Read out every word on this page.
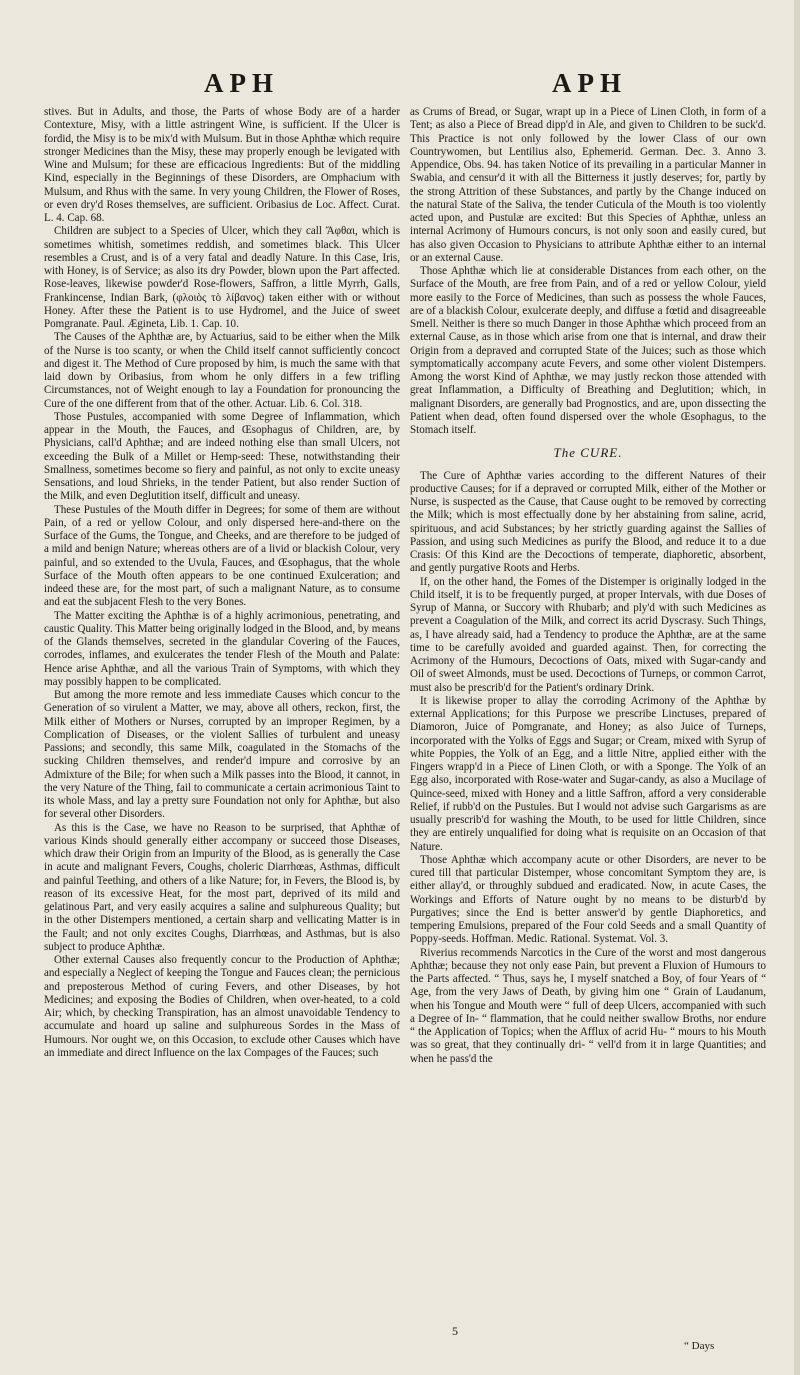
APH	APH

stives. But in Adults, and those, the Parts of whose Body are of a harder Contexture, Misy, with a little astringent Wine, is sufficient. If the Ulcer is fordid, the Misy is to be mix'd with Mulsum. But in those Aphthæ which require stronger Medicines than the Misy, these may properly enough be levigated with Wine and Mulsum; for these are efficacious Ingredients: But of the middling Kind, especially in the Beginnings of these Disorders, are Omphacium with Mulsum, and Rhus with the same. In very young Children, the Flower of Roses, or even dry'd Roses themselves, are sufficient. Oribasius de Loc. Affect. Curat. L. 4. Cap. 68.

Children are subject to a Species of Ulcer, which they call Ἄφθαι, which is sometimes whitish, sometimes reddish, and sometimes black. This Ulcer resembles a Crust, and is of a very fatal and deadly Nature. In this Case, Iris, with Honey, is of Service; as also its dry Powder, blown upon the Part affected. Rose-leaves, likewise powder'd Rose-flowers, Saffron, a little Myrrh, Galls, Frankincense, Indian Bark, (φλοιὸς τὸ λίβανος) taken either with or without Honey. After these the Patient is to use Hydromel, and the Juice of sweet Pomgranate. Paul. Ægineta, Lib. 1. Cap. 10.

The Causes of the Aphthæ are, by Actuarius, said to be either when the Milk of the Nurse is too scanty, or when the Child itself cannot sufficiently concoct and digest it. The Method of Cure proposed by him, is much the same with that laid down by Oribasius, from whom he only differs in a few trifling Circumstances, not of Weight enough to lay a Foundation for pronouncing the Cure of the one different from that of the other. Actuar. Lib. 6. Col. 318.

Those Pustules, accompanied with some Degree of Inflammation, which appear in the Mouth, the Fauces, and Œsophagus of Children, are, by Physicians, call'd Aphthæ; and are indeed nothing else than small Ulcers, not exceeding the Bulk of a Millet or Hemp-seed: These, notwithstanding their Smallness, sometimes become so fiery and painful, as not only to excite uneasy Sensations, and loud Shrieks, in the tender Patient, but also render Suction of the Milk, and even Deglutition itself, difficult and uneasy.

These Pustules of the Mouth differ in Degrees; for some of them are without Pain, of a red or yellow Colour, and only dispersed here-and-there on the Surface of the Gums, the Tongue, and Cheeks, and are therefore to be judged of a mild and benign Nature; whereas others are of a livid or blackish Colour, very painful, and so extended to the Uvula, Fauces, and Œsophagus, that the whole Surface of the Mouth often appears to be one continued Exulceration; and indeed these are, for the most part, of such a malignant Nature, as to consume and eat the subjacent Flesh to the very Bones.

The Matter exciting the Aphthæ is of a highly acrimonious, penetrating, and caustic Quality. This Matter being originally lodged in the Blood, and, by means of the Glands themselves, secreted in the glandular Covering of the Fauces, corrodes, inflames, and exulcerates the tender Flesh of the Mouth and Palate: Hence arise Aphthæ, and all the various Train of Symptoms, with which they may possibly happen to be complicated.

But among the more remote and less immediate Causes which concur to the Generation of so virulent a Matter, we may, above all others, reckon, first, the Milk either of Mothers or Nurses, corrupted by an improper Regimen, by a Complication of Diseases, or the violent Sallies of turbulent and uneasy Passions; and secondly, this same Milk, coagulated in the Stomachs of the sucking Children themselves, and render'd impure and corrosive by an Admixture of the Bile; for when such a Milk passes into the Blood, it cannot, in the very Nature of the Thing, fail to communicate a certain acrimonious Taint to its whole Mass, and lay a pretty sure Foundation not only for Aphthæ, but also for several other Disorders.

As this is the Case, we have no Reason to be surprised, that Aphthæ of various Kinds should generally either accompany or succeed those Diseases, which draw their Origin from an Impurity of the Blood, as is generally the Case in acute and malignant Fevers, Coughs, choleric Diarrhœas, Asthmas, difficult and painful Teething, and others of a like Nature; for, in Fevers, the Blood is, by reason of its excessive Heat, for the most part, deprived of its mild and gelatinous Part, and very easily acquires a saline and sulphureous Quality; but in the other Distempers mentioned, a certain sharp and vellicating Matter is in the Fault; and not only excites Coughs, Diarrhœas, and Asthmas, but is also subject to produce Aphthæ.

Other external Causes also frequently concur to the Production of Aphthæ; and especially a Neglect of keeping the Tongue and Fauces clean; the pernicious and preposterous Method of curing Fevers, and other Diseases, by hot Medicines; and exposing the Bodies of Children, when over-heated, to a cold Air; which, by checking Transpiration, has an almost unavoidable Tendency to accumulate and hoard up saline and sulphureous Sordes in the Mass of Humours. Nor ought we, on this Occasion, to exclude other Causes which have an immediate and direct Influence on the lax Compages of the Fauces; such

as Crums of Bread, or Sugar, wrapt up in a Piece of Linen Cloth, in form of a Tent; as also a Piece of Bread dipp'd in Ale, and given to Children to be suck'd. This Practice is not only followed by the lower Class of our own Countrywomen, but Lentilius also, Ephemerid. German. Dec. 3. Anno 3. Appendice, Obs. 94. has taken Notice of its prevailing in a particular Manner in Swabia, and censur'd it with all the Bitterness it justly deserves; for, partly by the strong Attrition of these Substances, and partly by the Change induced on the natural State of the Saliva, the tender Cuticula of the Mouth is too violently acted upon, and Pustulæ are excited: But this Species of Aphthæ, unless an internal Acrimony of Humours concurs, is not only soon and easily cured, but has also given Occasion to Physicians to attribute Aphthæ either to an internal or an external Cause.

Those Aphthæ which lie at considerable Distances from each other, on the Surface of the Mouth, are free from Pain, and of a red or yellow Colour, yield more easily to the Force of Medicines, than such as possess the whole Fauces, are of a blackish Colour, exulcerate deeply, and diffuse a fœtid and disagreeable Smell. Neither is there so much Danger in those Aphthæ which proceed from an external Cause, as in those which arise from one that is internal, and draw their Origin from a depraved and corrupted State of the Juices; such as those which symptomatically accompany acute Fevers, and some other violent Distempers. Among the worst Kind of Aphthæ, we may justly reckon those attended with great Inflammation, a Difficulty of Breathing and Deglutition; which, in malignant Disorders, are generally bad Prognostics, and are, upon dissecting the Patient when dead, often found dispersed over the whole Œsophagus, to the Stomach itself.

The CURE.

The Cure of Aphthæ varies according to the different Natures of their productive Causes; for if a depraved or corrupted Milk, either of the Mother or Nurse, is suspected as the Cause, that Cause ought to be removed by correcting the Milk; which is most effectually done by her abstaining from saline, acrid, spirituous, and acid Substances; by her strictly guarding against the Sallies of Passion, and using such Medicines as purify the Blood, and reduce it to a due Crasis: Of this Kind are the Decoctions of temperate, diaphoretic, absorbent, and gently purgative Roots and Herbs.

If, on the other hand, the Fomes of the Distemper is originally lodged in the Child itself, it is to be frequently purged, at proper Intervals, with due Doses of Syrup of Manna, or Succory with Rhubarb; and ply'd with such Medicines as prevent a Coagulation of the Milk, and correct its acrid Dyscrasy. Such Things, as, I have already said, had a Tendency to produce the Aphthæ, are at the same time to be carefully avoided and guarded against. Then, for correcting the Acrimony of the Humours, Decoctions of Oats, mixed with Sugar-candy and Oil of sweet Almonds, must be used. Decoctions of Turneps, or common Carrot, must also be prescrib'd for the Patient's ordinary Drink.

It is likewise proper to allay the corroding Acrimony of the Aphthæ by external Applications; for this Purpose we prescribe Linctuses, prepared of Diamoron, Juice of Pomgranate, and Honey; as also Juice of Turneps, incorporated with the Yolks of Eggs and Sugar; or Cream, mixed with Syrup of white Poppies, the Yolk of an Egg, and a little Nitre, applied either with the Fingers wrapp'd in a Piece of Linen Cloth, or with a Sponge. The Yolk of an Egg also, incorporated with Rose-water and Sugar-candy, as also a Mucilage of Quince-seed, mixed with Honey and a little Saffron, afford a very considerable Relief, if rubb'd on the Pustules. But I would not advise such Gargarisms as are usually prescrib'd for washing the Mouth, to be used for little Children, since they are entirely unqualified for doing what is requisite on an Occasion of that Nature.

Those Aphthæ which accompany acute or other Disorders, are never to be cured till that particular Distemper, whose concomitant Symptom they are, is either allay'd, or throughly subdued and eradicated. Now, in acute Cases, the Workings and Efforts of Nature ought by no means to be disturb'd by Purgatives; since the End is better answer'd by gentle Diaphoretics, and tempering Emulsions, prepared of the Four cold Seeds and a small Quantity of Poppy-seeds. Hoffman. Medic. Rational. Systemat. Vol. 3.

Riverius recommends Narcotics in the Cure of the worst and most dangerous Aphthæ; because they not only ease Pain, but prevent a Fluxion of Humours to the Parts affected. “ Thus, says he, I myself snatched a Boy, of four Years of “ Age, from the very Jaws of Death, by giving him one “ Grain of Laudanum, when his Tongue and Mouth were “ full of deep Ulcers, accompanied with such a Degree of In- “ flammation, that he could neither swallow Broths, nor endure “ the Application of Topics; when the Afflux of acrid Hu- “ mours to his Mouth was so great, that they continually dri- “ vell'd from it in large Quantities; and when he pass'd the

5
“ Days
